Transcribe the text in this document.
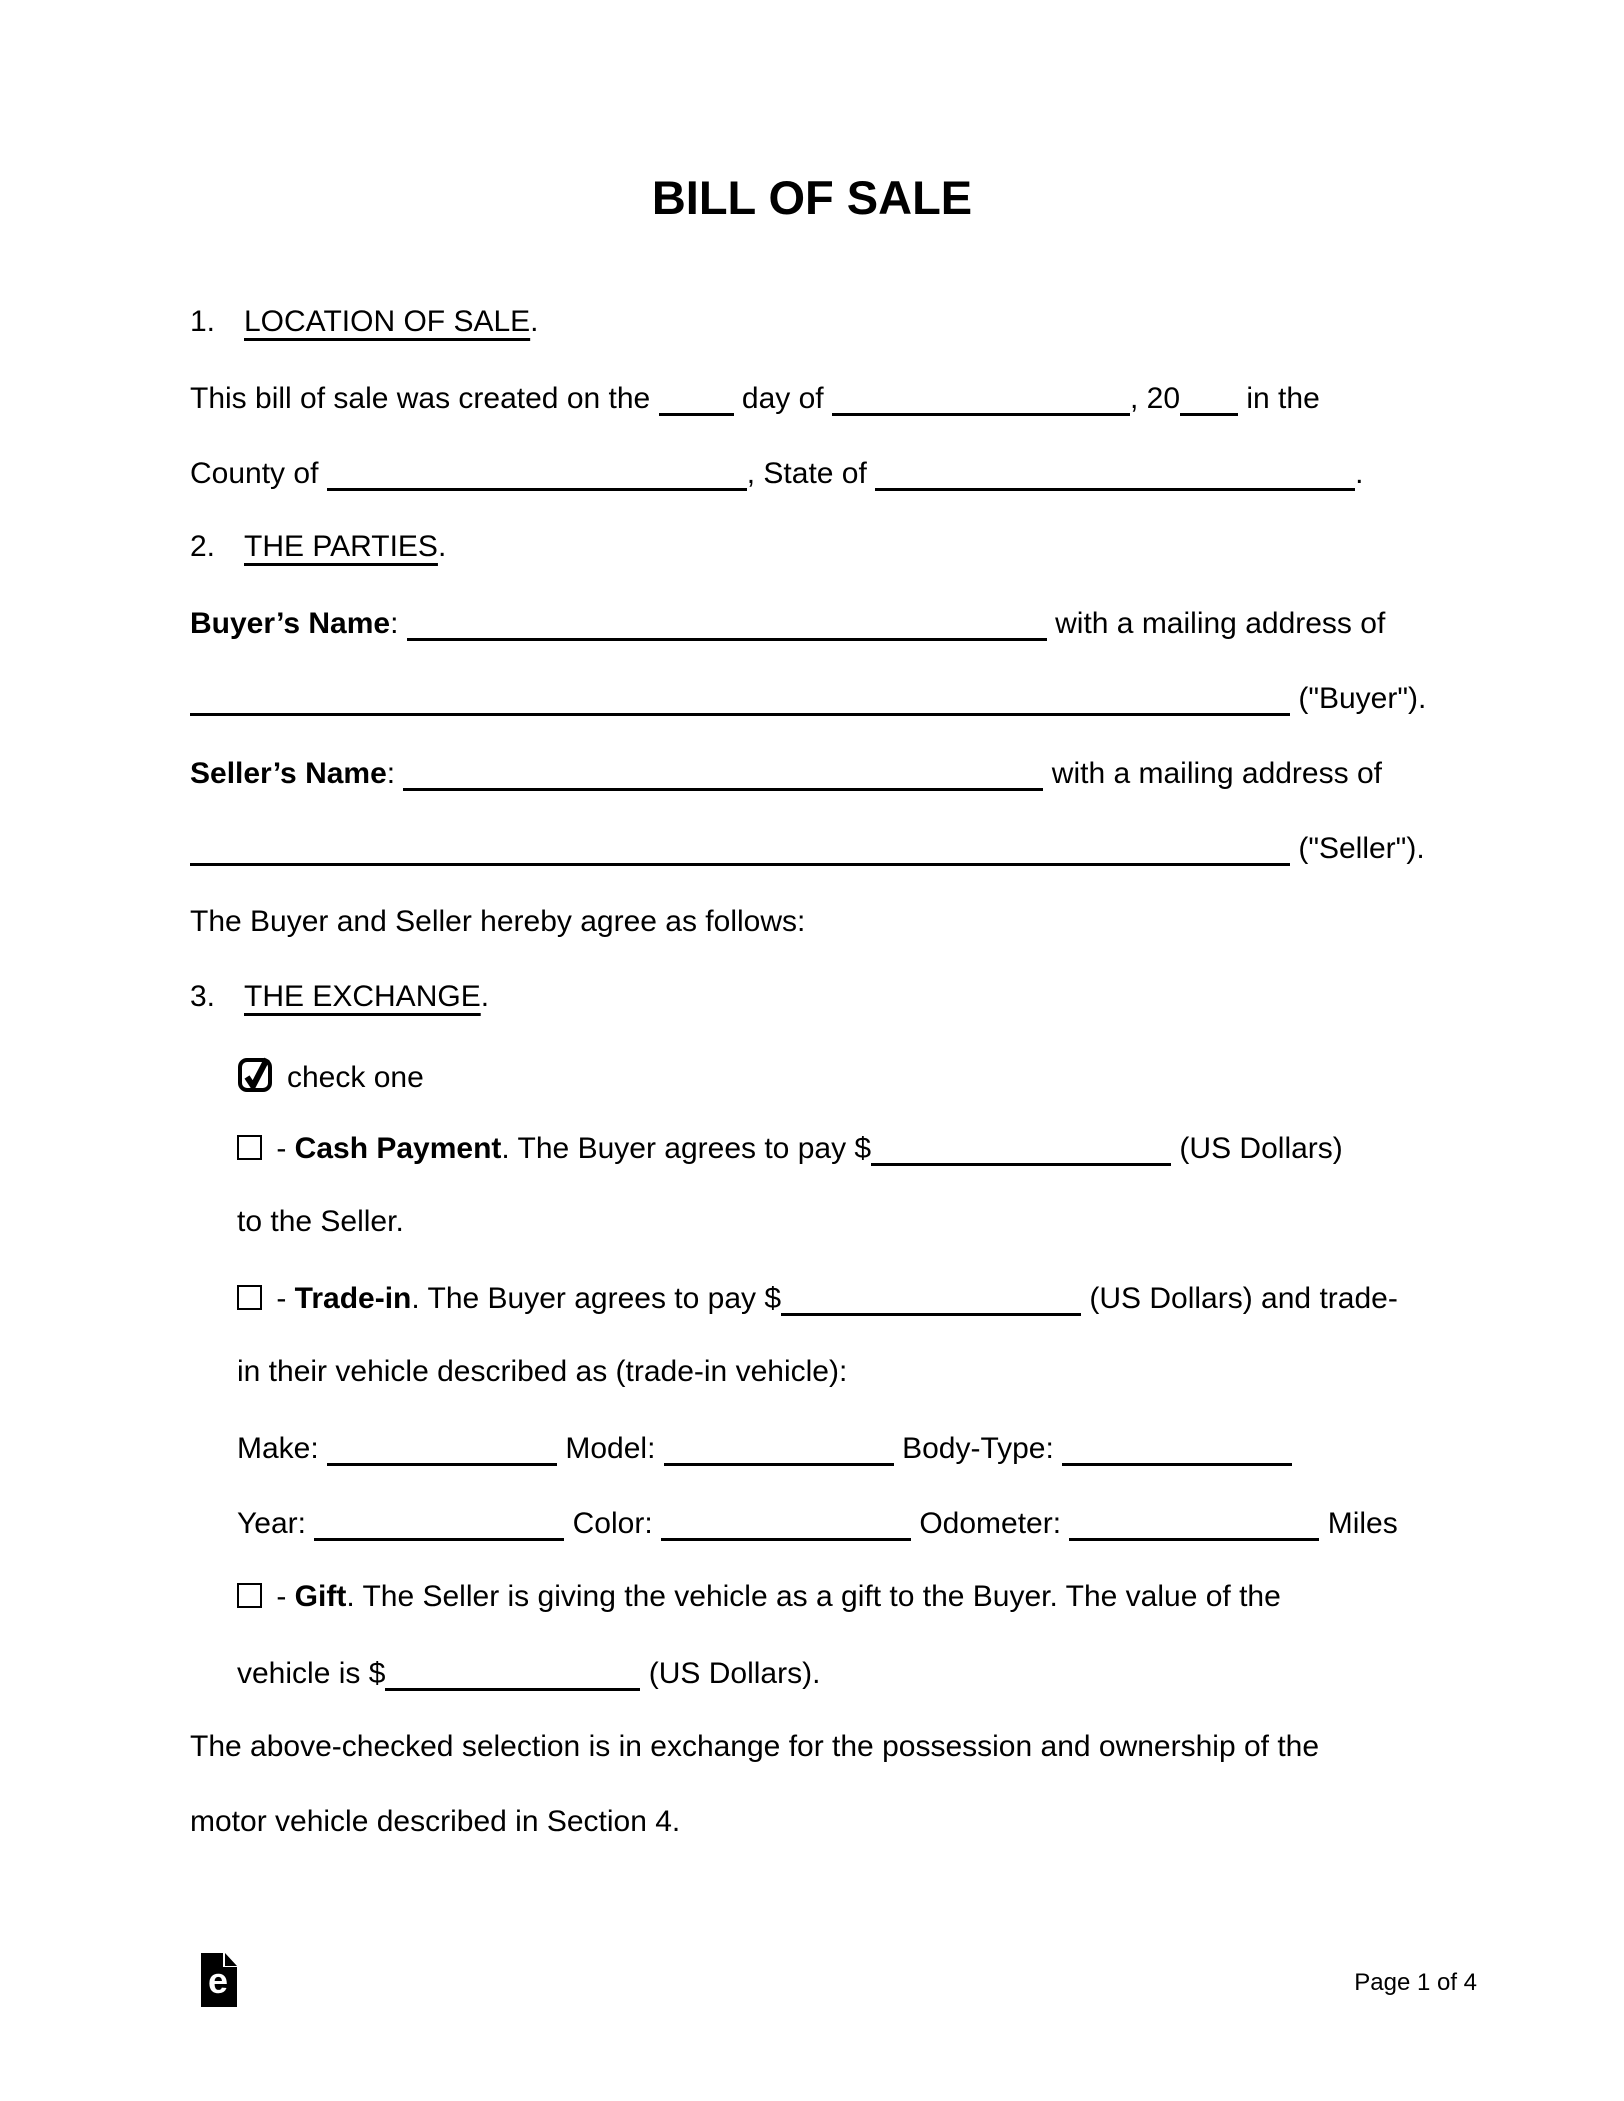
BILL OF SALE
1. LOCATION OF SALE.
This bill of sale was created on the	day of	, 20 in the
County of	, State of	.
2. THE PARTIES.
Buyer’s Name:	with a mailing address of
("Buyer").
Seller’s Name:	with a mailing address of
("Seller").
The Buyer and Seller hereby agree as follows:
3. THE EXCHANGE.
check one
- Cash Payment. The Buyer agrees to pay $	(US Dollars)
to the Seller.
- Trade-in. The Buyer agrees to pay $	(US Dollars) and trade-
in their vehicle described as (trade-in vehicle):
Make:	Model:	Body-Type:
Year:	Color:	Odometer:	Miles
- Gift. The Seller is giving the vehicle as a gift to the Buyer. The value of the
vehicle is $	(US Dollars).
The above-checked selection is in exchange for the possession and ownership of the
motor vehicle described in Section 4.
e	Page 1 of 4
